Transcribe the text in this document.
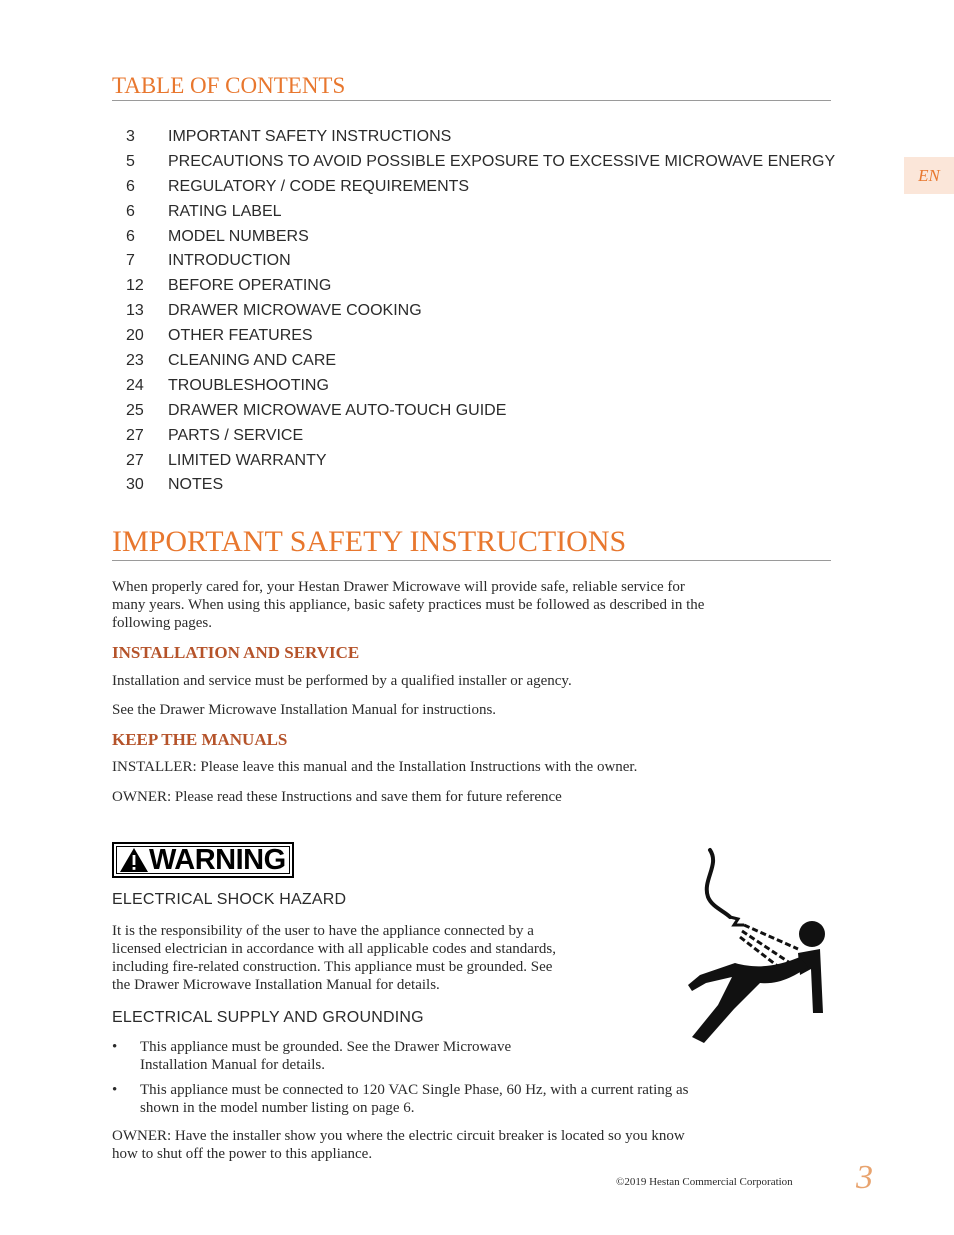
TABLE OF CONTENTS
3 IMPORTANT SAFETY INSTRUCTIONS
5 PRECAUTIONS TO AVOID POSSIBLE EXPOSURE TO EXCESSIVE MICROWAVE ENERGY
6 REGULATORY / CODE REQUIREMENTS
6 RATING LABEL
6 MODEL NUMBERS
7 INTRODUCTION
12 BEFORE OPERATING
13 DRAWER MICROWAVE COOKING
20 OTHER FEATURES
23 CLEANING AND CARE
24 TROUBLESHOOTING
25 DRAWER MICROWAVE AUTO-TOUCH GUIDE
27 PARTS / SERVICE
27 LIMITED WARRANTY
30 NOTES
EN
IMPORTANT SAFETY INSTRUCTIONS

When properly cared for, your Hestan Drawer Microwave will provide safe, reliable service for

many years. When using this appliance, basic safety practices must be followed as described in the

following pages.

INSTALLATION AND SERVICE

Installation and service must be performed by a qualified installer or agency.

See the Drawer Microwave Installation Manual for instructions.

KEEP THE MANUALS

INSTALLER: Please leave this manual and the Installation Instructions with the owner.

OWNER: Please read these Instructions and save them for future reference

WARNING

ELECTRICAL SHOCK HAZARD

It is the responsibility of the user to have the appliance connected by a

licensed electrician in accordance with all applicable codes and standards,

including fire-related construction. This appliance must be grounded. See

the Drawer Microwave Installation Manual for details.

ELECTRICAL SUPPLY AND GROUNDING

• This appliance must be grounded. See the Drawer Microwave
Installation Manual for details.
• This appliance must be connected to 120 VAC Single Phase, 60 Hz, with a current rating as
shown in the model number listing on page 6.

OWNER: Have the installer show you where the electric circuit breaker is located so you know

how to shut off the power to this appliance.

©2019 Hestan Commercial Corporation 3
